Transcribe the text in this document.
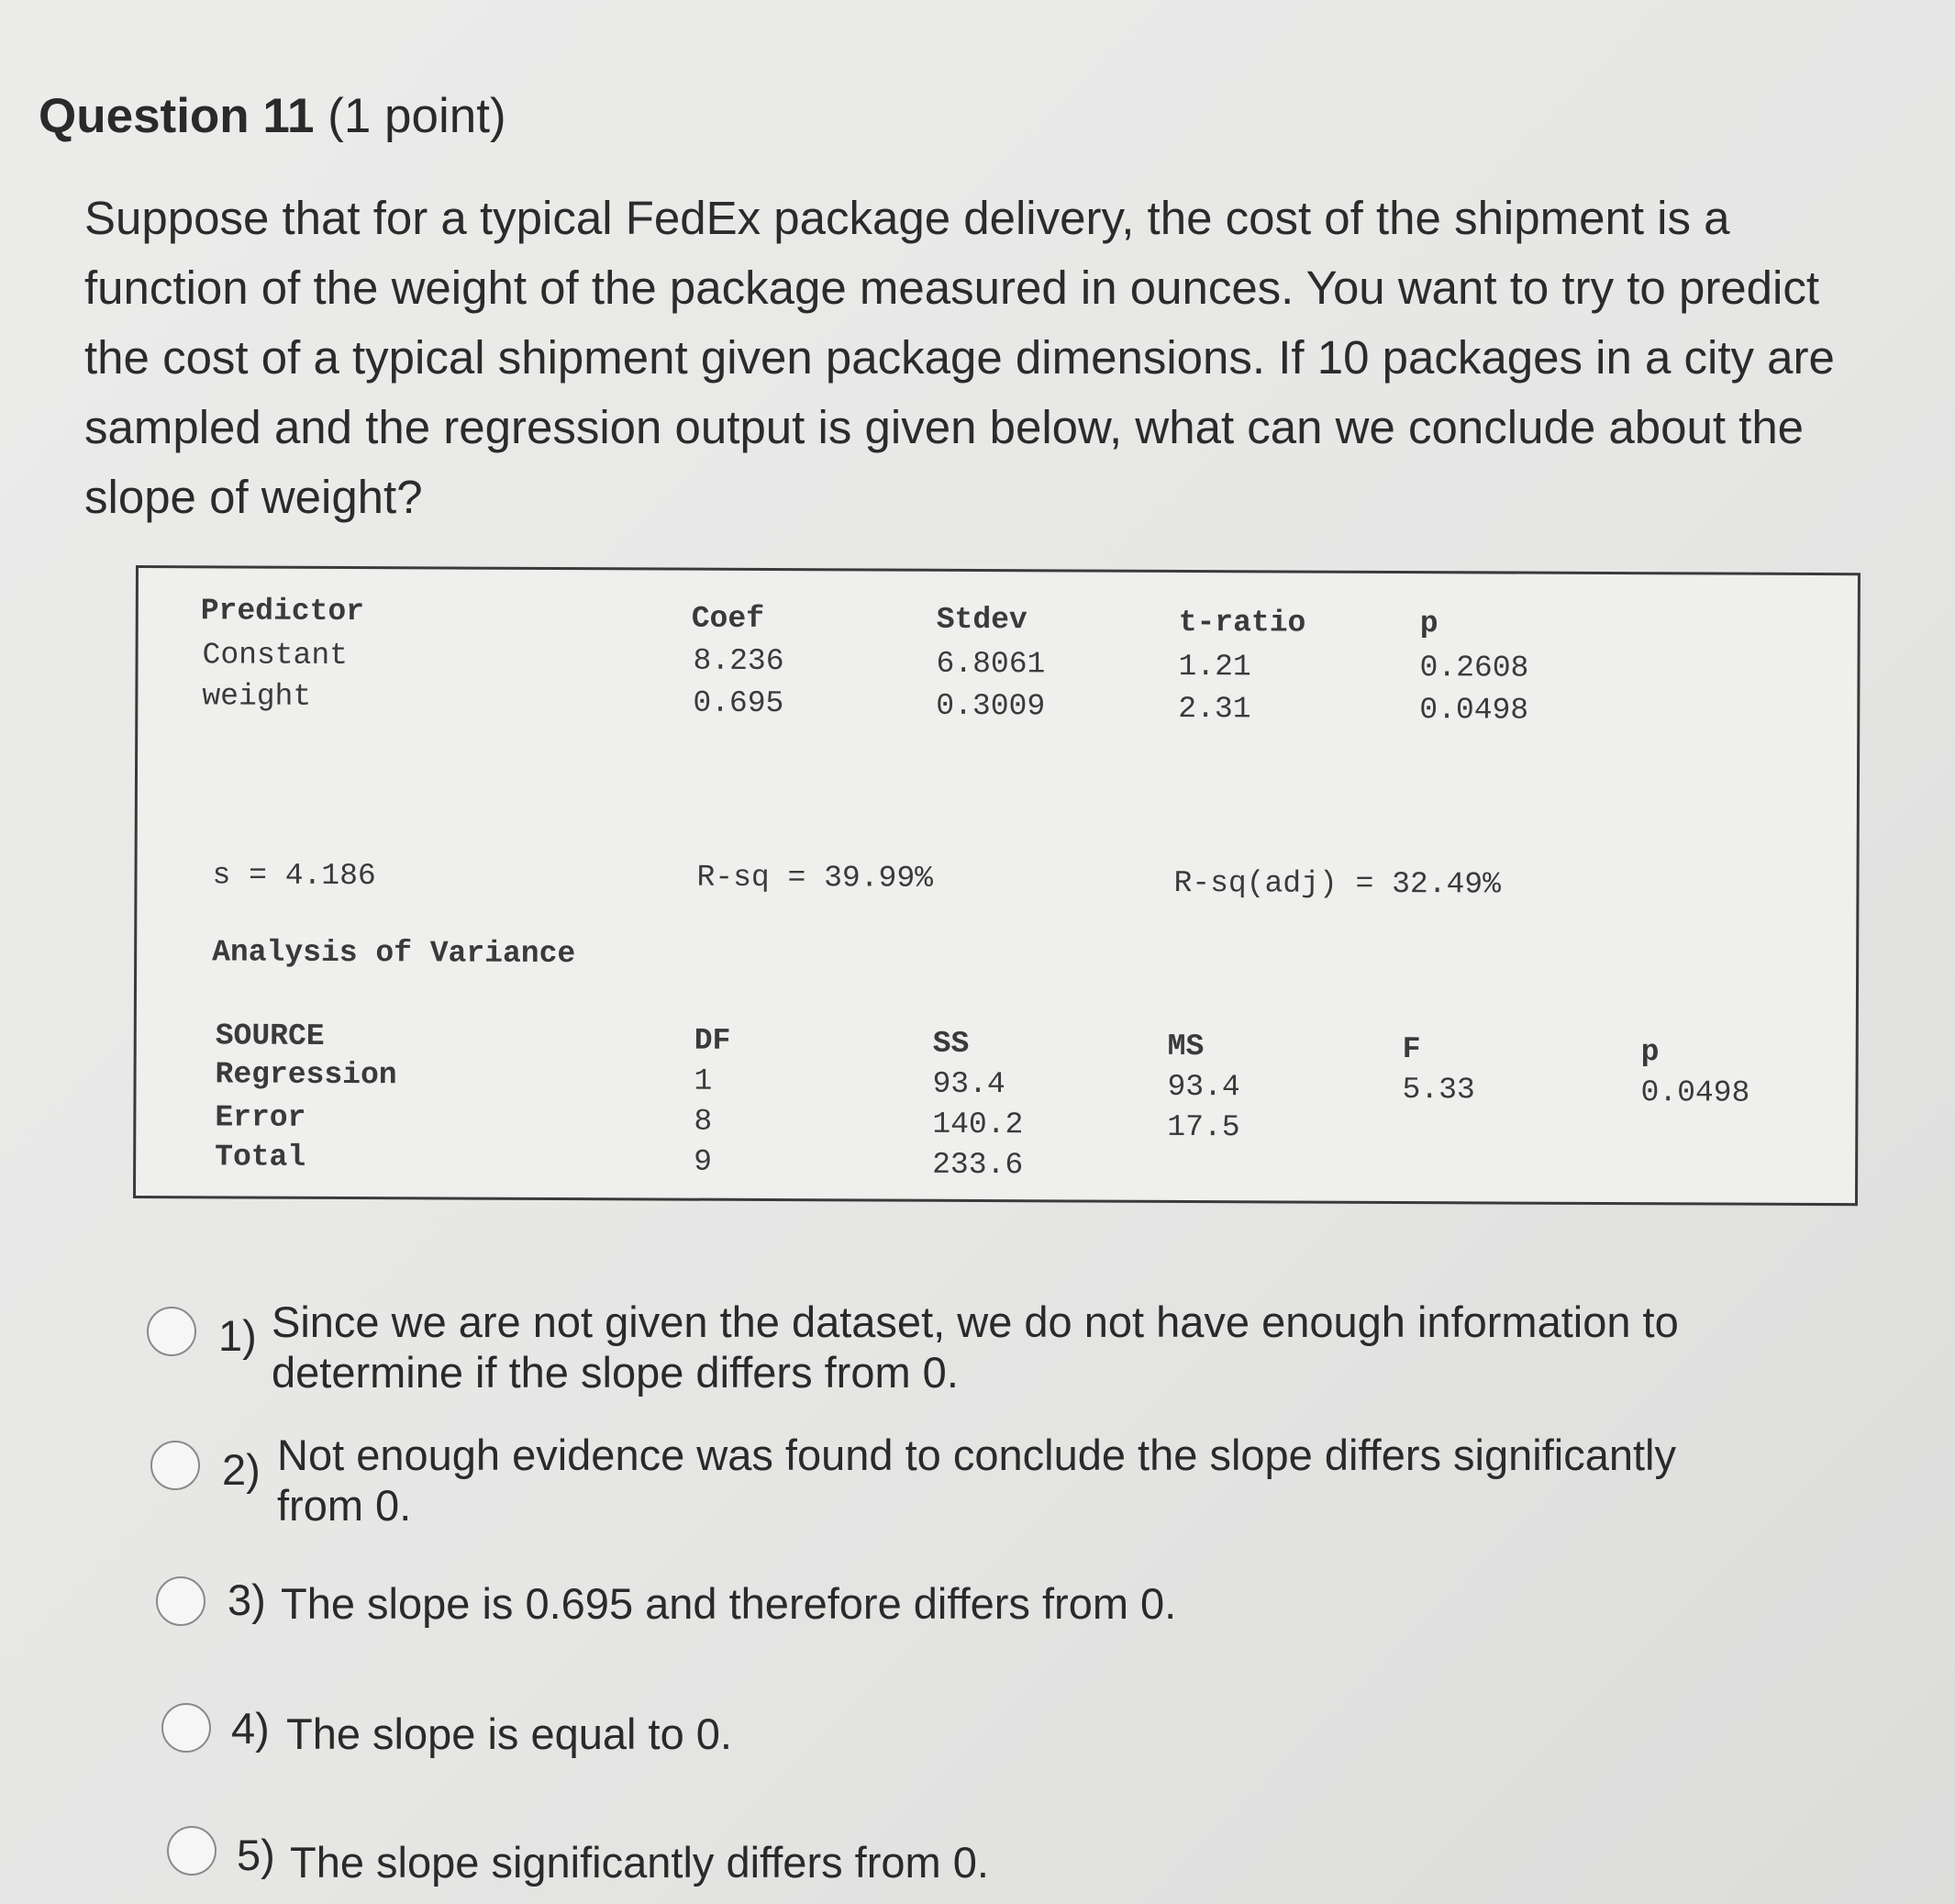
Question 11 (1 point)
Suppose that for a typical FedEx package delivery, the cost of the shipment is a function of the weight of the package measured in ounces. You want to try to predict the cost of a typical shipment given package dimensions. If 10 packages in a city are sampled and the regression output is given below, what can we conclude about the slope of weight?
Predictor	Coef	Stdev	t-ratio	p
Constant	8.236	6.8061	1.21	0.2608
weight	0.695	0.3009	2.31	0.0498
s = 4.186	R-sq = 39.99%	R-sq(adj) = 32.49%
Analysis of Variance
SOURCE	DF	SS	MS	F	p
Regression	1	93.4	93.4	5.33	0.0498
Error	8	140.2	17.5
Total	9	233.6
1) Since we are not given the dataset, we do not have enough information to determine if the slope differs from 0.
2) Not enough evidence was found to conclude the slope differs significantly from 0.
3) The slope is 0.695 and therefore differs from 0.
4) The slope is equal to 0.
5) The slope significantly differs from 0.
